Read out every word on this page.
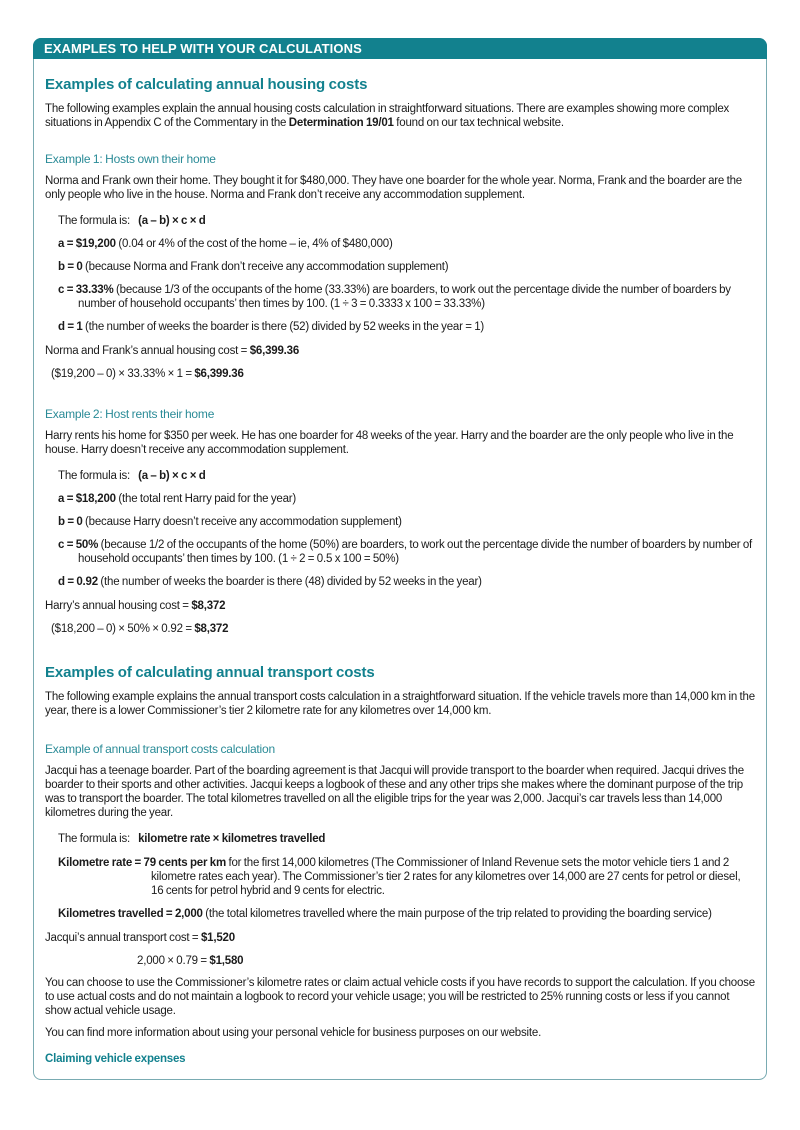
EXAMPLES TO HELP WITH YOUR CALCULATIONS
Examples of calculating annual housing costs

The following examples explain the annual housing costs calculation in straightforward situations. There are examples showing more complex situations in Appendix C of the Commentary in the Determination 19/01 found on our tax technical website.

Example 1: Hosts own their home

Norma and Frank own their home. They bought it for $480,000. They have one boarder for the whole year. Norma, Frank and the boarder are the only people who live in the house. Norma and Frank don’t receive any accommodation supplement.

The formula is: (a – b) × c × d
a = $19,200 (0.04 or 4% of the cost of the home – ie, 4% of $480,000)
b = 0 (because Norma and Frank don’t receive any accommodation supplement)
c = 33.33% (because 1/3 of the occupants of the home (33.33%) are boarders, to work out the percentage divide the number of boarders by number of household occupants’ then times by 100. (1 ÷ 3 = 0.3333 x 100 = 33.33%)
d = 1 (the number of weeks the boarder is there (52) divided by 52 weeks in the year = 1)
Norma and Frank’s annual housing cost = $6,399.36
($19,200 – 0) × 33.33% × 1 = $6,399.36
Example 2: Host rents their home

Harry rents his home for $350 per week. He has one boarder for 48 weeks of the year. Harry and the boarder are the only people who live in the house. Harry doesn’t receive any accommodation supplement.

The formula is: (a – b) × c × d
a = $18,200 (the total rent Harry paid for the year)
b = 0 (because Harry doesn’t receive any accommodation supplement)
c = 50% (because 1/2 of the occupants of the home (50%) are boarders, to work out the percentage divide the number of boarders by number of household occupants’ then times by 100. (1 ÷ 2 = 0.5 x 100 = 50%)
d = 0.92 (the number of weeks the boarder is there (48) divided by 52 weeks in the year)
Harry’s annual housing cost = $8,372
($18,200 – 0) × 50% × 0.92 = $8,372
Examples of calculating annual transport costs

The following example explains the annual transport costs calculation in a straightforward situation. If the vehicle travels more than 14,000 km in the year, there is a lower Commissioner’s tier 2 kilometre rate for any kilometres over 14,000 km.

Example of annual transport costs calculation

Jacqui has a teenage boarder. Part of the boarding agreement is that Jacqui will provide transport to the boarder when required. Jacqui drives the boarder to their sports and other activities. Jacqui keeps a logbook of these and any other trips she makes where the dominant purpose of the trip was to transport the boarder. The total kilometres travelled on all the eligible trips for the year was 2,000. Jacqui’s car travels less than 14,000 kilometres during the year.

The formula is: kilometre rate × kilometres travelled
Kilometre rate = 79 cents per km for the first 14,000 kilometres (The Commissioner of Inland Revenue sets the motor vehicle tiers 1 and 2 kilometre rates each year). The Commissioner’s tier 2 rates for any kilometres over 14,000 are 27 cents for petrol or diesel, 16 cents for petrol hybrid and 9 cents for electric.
Kilometres travelled = 2,000 (the total kilometres travelled where the main purpose of the trip related to providing the boarding service)
Jacqui’s annual transport cost = $1,520
2,000 × 0.79 = $1,580

You can choose to use the Commissioner’s kilometre rates or claim actual vehicle costs if you have records to support the calculation. If you choose to use actual costs and do not maintain a logbook to record your vehicle usage; you will be restricted to 25% running costs or less if you cannot show actual vehicle usage.

You can find more information about using your personal vehicle for business purposes on our website.

Claiming vehicle expenses
